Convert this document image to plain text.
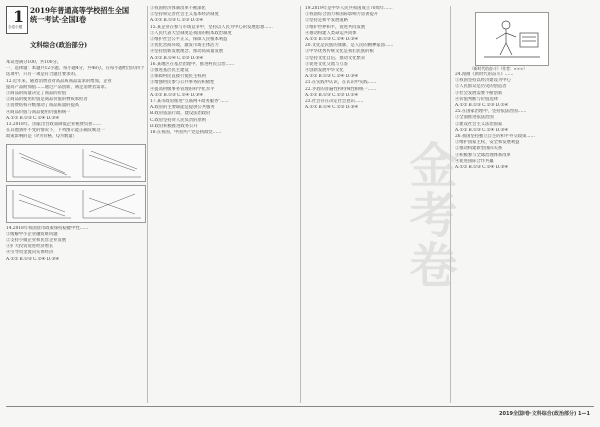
1
全卷小题
2019年普通高等学校招生全国
统一考试·全国Ⅰ卷
文科综合(政治部分)
本试卷满分100，共100分。
一、选择题：本题共12小题，每小题4分，共48分。在每小题给出的四个
选项中，只有一项是符合题目要求的。
12.近年来，随着消费者对高品质商品需求的增加，企业
提高产品附加值……通过产品创新，满足消费者需求。
①商品的质量决定了商品的价值
②商品的使用价值是商品价值的物质承担者
③消费结构升级推动了商品质量的提高
④商品价值与商品使用价值相统一
A.①② B.①③ C.②④ D.③④
13.2018年，国家出台政策降低企业税费负担……
在其他条件不变的情况下，下列图示能正确反映这一
政策影响的是（P为价格，Q为数量）
14.2018年我国货币政策保持稳健中性……
①缓解中小企业融资难问题
②支持小微企业和民营企业发展
③扩大投资促进经济增长
④引导资金流向实体经济
A.①② B.①③ C.②④ D.③④
①我国经济体制改革不断深化
②坚持和完善社会主义基本经济制度
A.①② B.①③ C.②③ D.②④
15.某企业在参与市场竞争中，坚持以人民为中心的发展思想……
①人民代表大会制度是我国的根本政治制度
②维护社会公平正义，保障人民根本利益
③优化营商环境，激发市场主体活力
④坚持创新发展理念，推动高质量发展
A.①② B.①④ C.②③ D.③④
16.某地区在基层治理中，推进村民自治……
①推进基层民主建设
②保障村民直接行使民主权利
③增强村民参与公共事务的积极性
④提高村级事务管理的科学化水平
A.①② B.①③ C.②④ D.③④
17.某市政府推进"互联网+政务服务"……
A.政府的主要职能是提供公共服务
B.政府依法行政，建设法治政府
C.政府坚持对人民负责的原则
D.政府积极推进政务公开
18.在我国，中国共产党是执政党……
19.2019年是中华人民共和国成立70周年……
①我国综合国力和国际影响力显著提升
②坚持走和平发展道路
③维护世界和平，促进共同发展
④推动构建人类命运共同体
A.①② B.①③ C.②④ D.③④
20.文化是民族的血脉，是人民的精神家园……
①中华优秀传统文化是我们民族的根
②坚持文化自信，推动文化繁荣
③促进文化交流与互鉴
④创新发展中华文化
A.①② B.①③ C.②④ D.③④
21.在实践中认识，在认识中实践……
22.矛盾的普遍性和特殊性相统一……
A.①② B.①③ C.②③ D.②④
23.社会存在决定社会意识……
A.①② B.①④ C.②③ D.③④
24.漫画《新时代的奋斗》……
①我国坚持以经济建设为中心
②人民群众是历史的创造者
③社会发展需要不断创新
④价值判断与价值选择
A.①② B.①③ C.②③ D.②④
25.在国家治理中，坚持依法治国……
①全面推进依法治国
②建设社会主义法治国家
A.①② B.①③ C.②④ D.③④
26.我国坚持独立自主的和平外交政策……
①维护国家主权、安全和发展利益
②推动构建新型国际关系
③积极参与全球治理体系改革
④促进国际合作共赢
A.①② B.①③ C.②④ D.③④
《新时代的奋斗》（作者：×××）
金考卷
2019全国Ⅰ卷·文科综合(政治部分) 1—1
